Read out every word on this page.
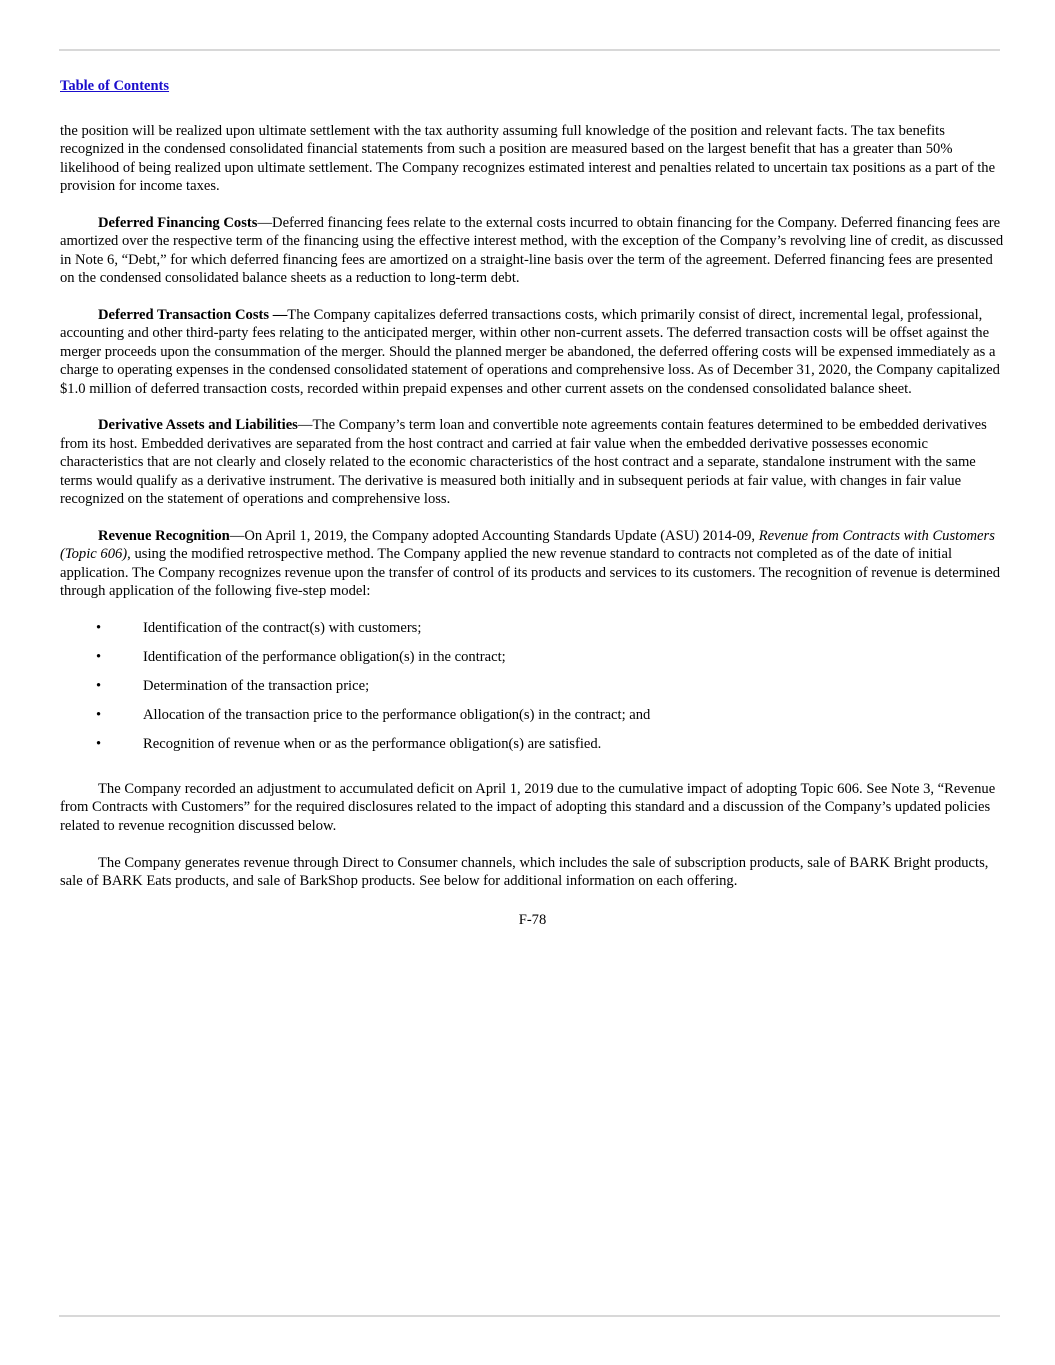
Table of Contents

the position will be realized upon ultimate settlement with the tax authority assuming full knowledge of the position and relevant facts. The tax benefits recognized in the condensed consolidated financial statements from such a position are measured based on the largest benefit that has a greater than 50% likelihood of being realized upon ultimate settlement. The Company recognizes estimated interest and penalties related to uncertain tax positions as a part of the provision for income taxes.

Deferred Financing Costs—Deferred financing fees relate to the external costs incurred to obtain financing for the Company. Deferred financing fees are amortized over the respective term of the financing using the effective interest method, with the exception of the Company’s revolving line of credit, as discussed in Note 6, “Debt,” for which deferred financing fees are amortized on a straight-line basis over the term of the agreement. Deferred financing fees are presented on the condensed consolidated balance sheets as a reduction to long-term debt.

Deferred Transaction Costs —The Company capitalizes deferred transactions costs, which primarily consist of direct, incremental legal, professional, accounting and other third-party fees relating to the anticipated merger, within other non-current assets. The deferred transaction costs will be offset against the merger proceeds upon the consummation of the merger. Should the planned merger be abandoned, the deferred offering costs will be expensed immediately as a charge to operating expenses in the condensed consolidated statement of operations and comprehensive loss. As of December 31, 2020, the Company capitalized $1.0 million of deferred transaction costs, recorded within prepaid expenses and other current assets on the condensed consolidated balance sheet.

Derivative Assets and Liabilities—The Company’s term loan and convertible note agreements contain features determined to be embedded derivatives from its host. Embedded derivatives are separated from the host contract and carried at fair value when the embedded derivative possesses economic characteristics that are not clearly and closely related to the economic characteristics of the host contract and a separate, standalone instrument with the same terms would qualify as a derivative instrument. The derivative is measured both initially and in subsequent periods at fair value, with changes in fair value recognized on the statement of operations and comprehensive loss.

Revenue Recognition—On April 1, 2019, the Company adopted Accounting Standards Update (ASU) 2014-09, Revenue from Contracts with Customers (Topic 606), using the modified retrospective method. The Company applied the new revenue standard to contracts not completed as of the date of initial application. The Company recognizes revenue upon the transfer of control of its products and services to its customers. The recognition of revenue is determined through application of the following five-step model:

•	Identification of the contract(s) with customers;
•	Identification of the performance obligation(s) in the contract;
•	Determination of the transaction price;
•	Allocation of the transaction price to the performance obligation(s) in the contract; and
•	Recognition of revenue when or as the performance obligation(s) are satisfied.

The Company recorded an adjustment to accumulated deficit on April 1, 2019 due to the cumulative impact of adopting Topic 606. See Note 3, “Revenue from Contracts with Customers” for the required disclosures related to the impact of adopting this standard and a discussion of the Company’s updated policies related to revenue recognition discussed below.

The Company generates revenue through Direct to Consumer channels, which includes the sale of subscription products, sale of BARK Bright products, sale of BARK Eats products, and sale of BarkShop products. See below for additional information on each offering.

F-78
